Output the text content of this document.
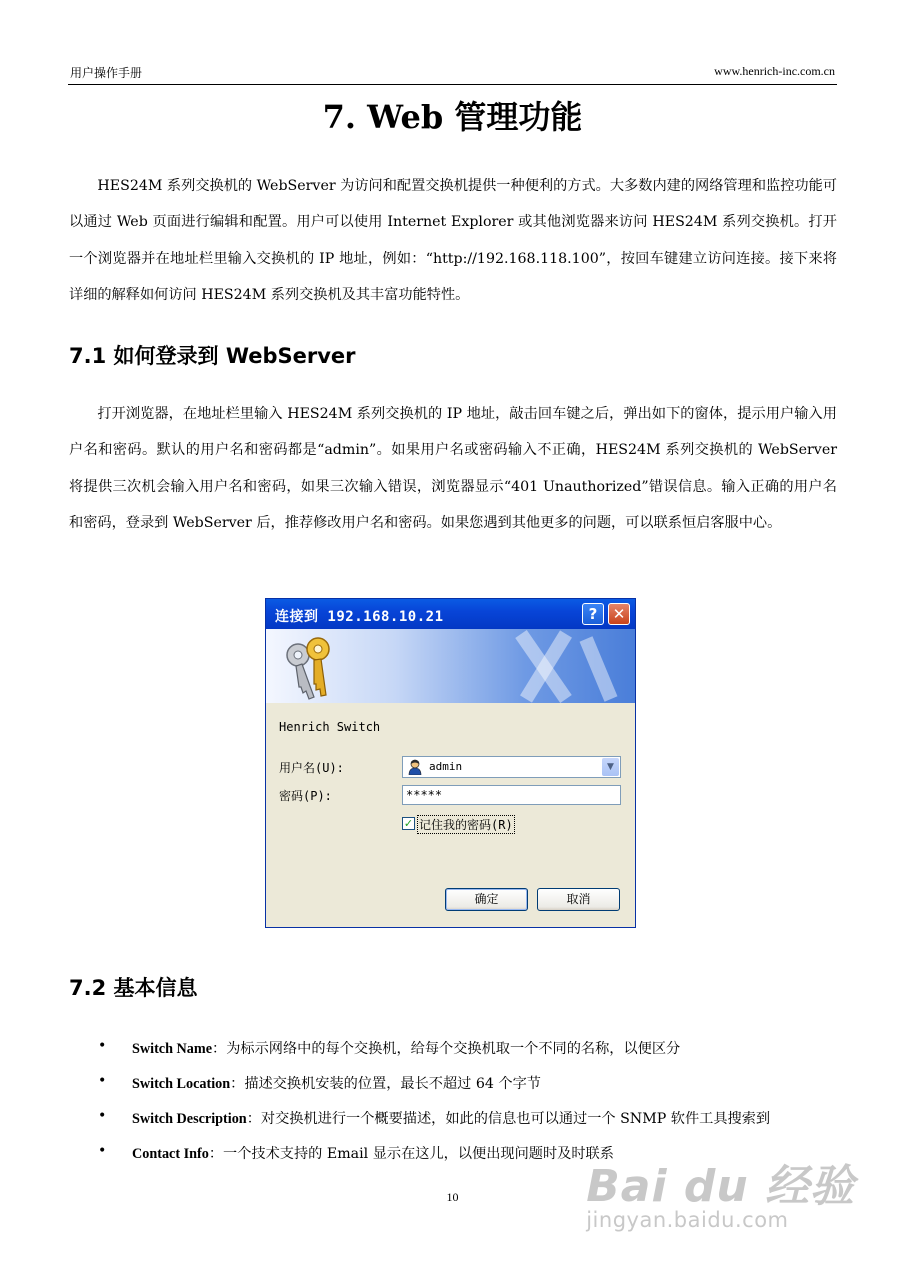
用户操作手册	www.henrich-inc.com.cn
7. Web 管理功能
HES24M 系列交换机的 WebServer 为访问和配置交换机提供一种便利的方式。大多数内建的网络管理和监控功能可以通过 Web 页面进行编辑和配置。用户可以使用 Internet Explorer 或其他浏览器来访问 HES24M 系列交换机。打开一个浏览器并在地址栏里输入交换机的 IP 地址，例如：“http://192.168.118.100”，按回车键建立访问连接。接下来将详细的解释如何访问 HES24M 系列交换机及其丰富功能特性。
7.1 如何登录到 WebServer
打开浏览器，在地址栏里输入 HES24M 系列交换机的 IP 地址，敲击回车键之后，弹出如下的窗体，提示用户输入用户名和密码。默认的用户名和密码都是“admin”。如果用户名或密码输入不正确，HES24M 系列交换机的 WebServer 将提供三次机会输入用户名和密码，如果三次输入错误，浏览器显示“401 Unauthorized”错误信息。输入正确的用户名和密码，登录到 WebServer 后，推荐修改用户名和密码。如果您遇到其他更多的问题，可以联系恒启客服中心。
连接到 192.168.10.21	?	✕
Henrich Switch
用户名(U):	admin	▼
密码(P):	*****
✓ 记住我的密码(R)
确定	取消
7.2 基本信息
• Switch Name：为标示网络中的每个交换机，给每个交换机取一个不同的名称，以便区分
• Switch Location：描述交换机安装的位置，最长不超过 64 个字节
• Switch Description：对交换机进行一个概要描述，如此的信息也可以通过一个 SNMP 软件工具搜索到
• Contact Info：一个技术支持的 Email 显示在这儿，以便出现问题时及时联系
10	Bai du 经验
jingyan.baidu.com
